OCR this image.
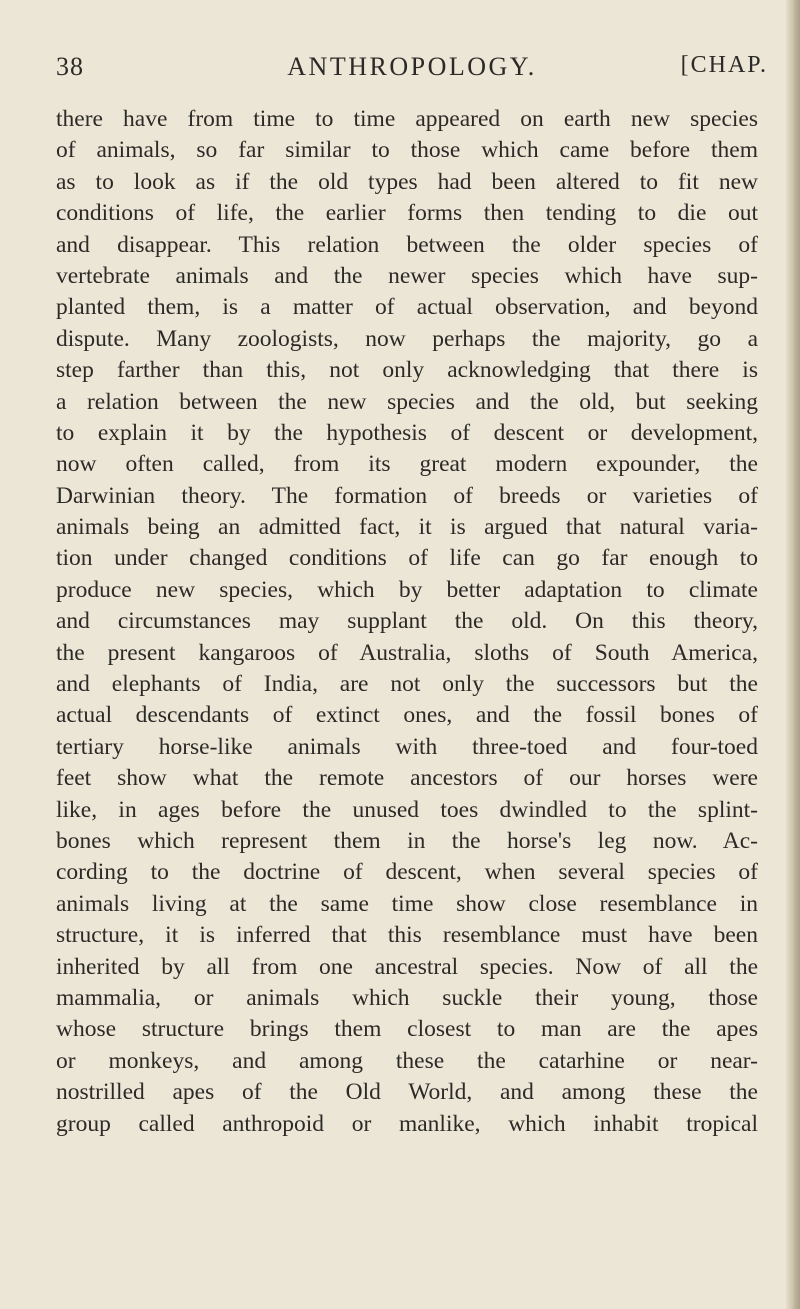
38	ANTHROPOLOGY.	[CHAP.
there have from time to time appeared on earth new species
of animals, so far similar to those which came before them
as to look as if the old types had been altered to fit new
conditions of life, the earlier forms then tending to die out
and disappear. This relation between the older species of
vertebrate animals and the newer species which have sup-
planted them, is a matter of actual observation, and beyond
dispute. Many zoologists, now perhaps the majority, go a
step farther than this, not only acknowledging that there is
a relation between the new species and the old, but seeking
to explain it by the hypothesis of descent or development,
now often called, from its great modern expounder, the
Darwinian theory. The formation of breeds or varieties of
animals being an admitted fact, it is argued that natural varia-
tion under changed conditions of life can go far enough to
produce new species, which by better adaptation to climate
and circumstances may supplant the old. On this theory,
the present kangaroos of Australia, sloths of South America,
and elephants of India, are not only the successors but the
actual descendants of extinct ones, and the fossil bones of
tertiary horse-like animals with three-toed and four-toed
feet show what the remote ancestors of our horses were
like, in ages before the unused toes dwindled to the splint-
bones which represent them in the horse's leg now. Ac-
cording to the doctrine of descent, when several species of
animals living at the same time show close resemblance in
structure, it is inferred that this resemblance must have been
inherited by all from one ancestral species. Now of all the
mammalia, or animals which suckle their young, those
whose structure brings them closest to man are the apes
or monkeys, and among these the catarhine or near-
nostrilled apes of the Old World, and among these the
group called anthropoid or manlike, which inhabit tropical
